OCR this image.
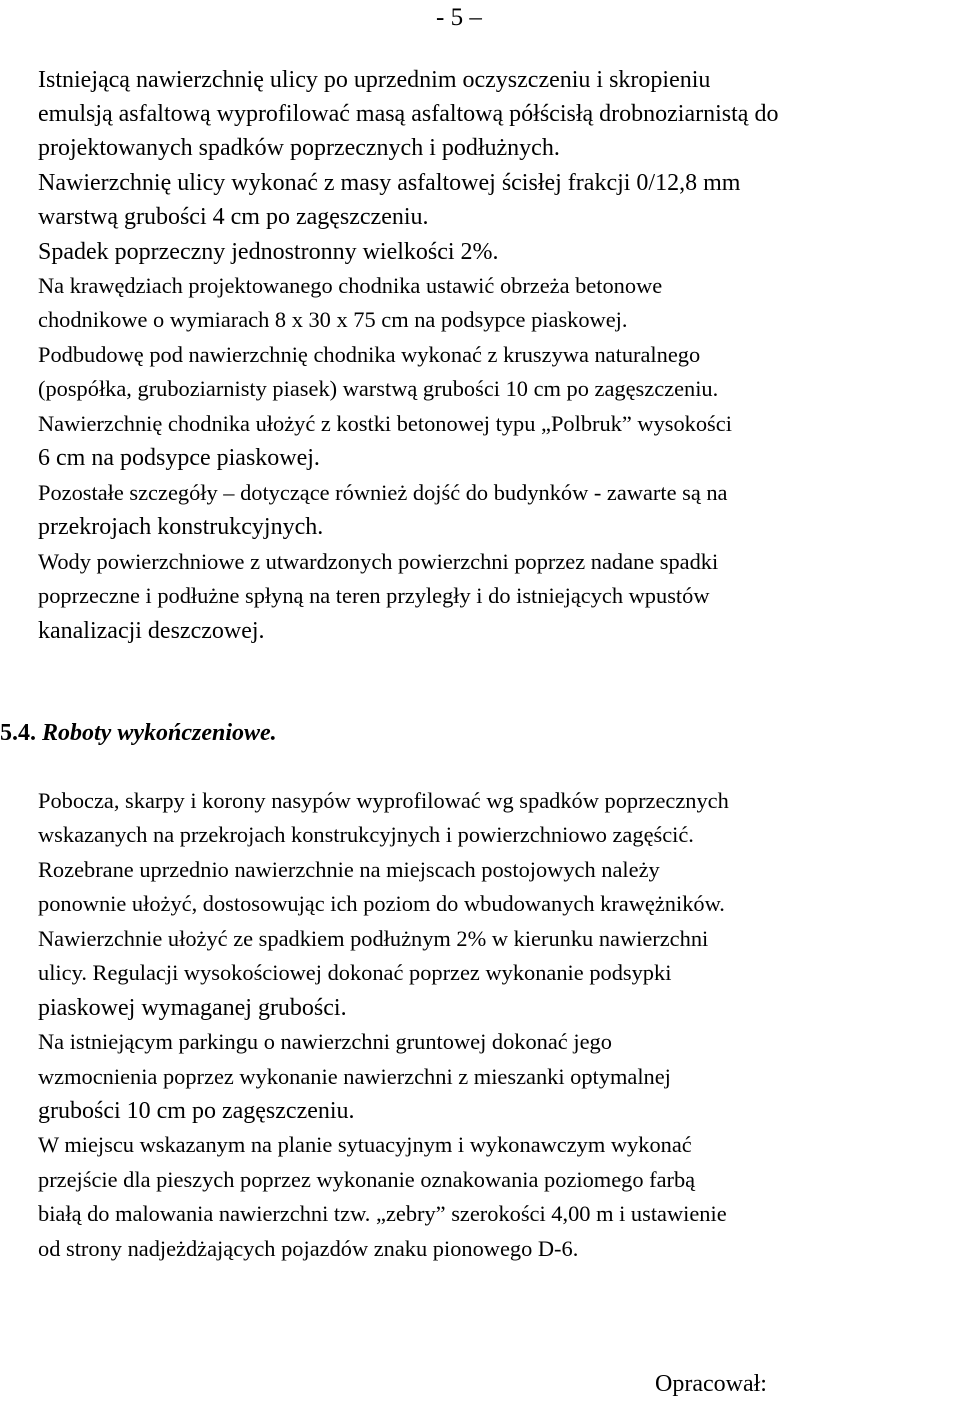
- 5 –
Istniejącą nawierzchnię ulicy po uprzednim oczyszczeniu i skropieniu
emulsją asfaltową wyprofilować masą asfaltową półścisłą drobnoziarnistą do
projektowanych spadków poprzecznych i podłużnych.
Nawierzchnię ulicy wykonać z masy asfaltowej ścisłej frakcji 0/12,8 mm
warstwą grubości 4 cm po zagęszczeniu.
Spadek poprzeczny jednostronny wielkości 2%.
Na krawędziach projektowanego chodnika ustawić obrzeża betonowe
chodnikowe o wymiarach 8 x 30 x 75 cm na podsypce piaskowej.
Podbudowę pod nawierzchnię chodnika wykonać z kruszywa naturalnego
(pospółka, gruboziarnisty piasek) warstwą grubości 10 cm po zagęszczeniu.
Nawierzchnię chodnika ułożyć z kostki betonowej typu „Polbruk” wysokości
6 cm na podsypce piaskowej.
Pozostałe szczegóły – dotyczące również dojść do budynków - zawarte są na
przekrojach konstrukcyjnych.
Wody powierzchniowe z utwardzonych powierzchni poprzez nadane spadki
poprzeczne i podłużne spłyną na teren przyległy i do istniejących wpustów
kanalizacji deszczowej.
5.4. Roboty wykończeniowe.
Pobocza, skarpy i korony nasypów wyprofilować wg spadków poprzecznych
wskazanych na przekrojach konstrukcyjnych i powierzchniowo zagęścić.
Rozebrane uprzednio nawierzchnie na miejscach postojowych należy
ponownie ułożyć, dostosowując ich poziom do wbudowanych krawężników.
Nawierzchnie ułożyć ze spadkiem podłużnym 2% w kierunku nawierzchni
ulicy. Regulacji wysokościowej dokonać poprzez wykonanie podsypki
piaskowej wymaganej grubości.
Na istniejącym parkingu o nawierzchni gruntowej dokonać jego
wzmocnienia poprzez wykonanie nawierzchni z mieszanki optymalnej
grubości 10 cm po zagęszczeniu.
W miejscu wskazanym na planie sytuacyjnym i wykonawczym wykonać
przejście dla pieszych poprzez wykonanie oznakowania poziomego farbą
białą do malowania nawierzchni tzw. „zebry” szerokości 4,00 m i ustawienie
od strony nadjeżdżających pojazdów znaku pionowego D-6.
Opracował:
